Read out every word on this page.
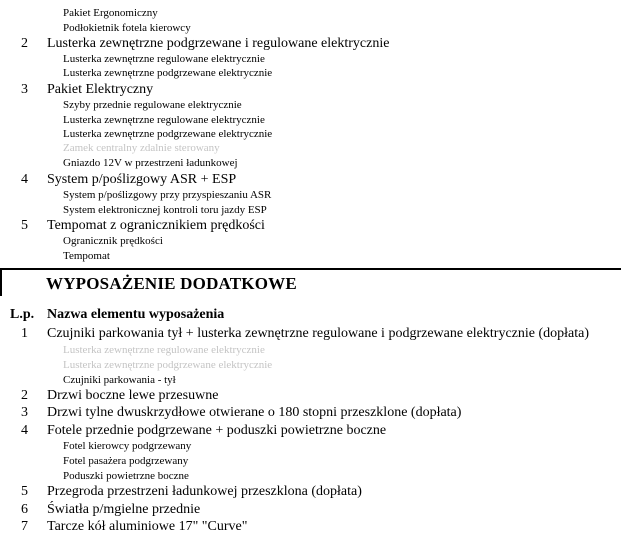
Pakiet Ergonomiczny
Podłokietnik fotela kierowcy
2 Lusterka zewnętrzne podgrzewane i regulowane elektrycznie
Lusterka zewnętrzne regulowane elektrycznie
Lusterka zewnętrzne podgrzewane elektrycznie
3 Pakiet Elektryczny
Szyby przednie regulowane elektrycznie
Lusterka zewnętrzne regulowane elektrycznie
Lusterka zewnętrzne podgrzewane elektrycznie
Zamek centralny zdalnie sterowany
Gniazdo 12V w przestrzeni ładunkowej
4 System p/poślizgowy ASR + ESP
System p/poślizgowy przy przyspieszaniu ASR
System elektronicznej kontroli toru jazdy ESP
5 Tempomat z ogranicznikiem prędkości
Ogranicznik prędkości
Tempomat
WYPOSAŻENIE DODATKOWE
L.p. Nazwa elementu wyposażenia
1 Czujniki parkowania tył + lusterka zewnętrzne regulowane i podgrzewane elektrycznie (dopłata)
Lusterka zewnętrzne regulowane elektrycznie
Lusterka zewnętrzne podgrzewane elektrycznie
Czujniki parkowania - tył
2 Drzwi boczne lewe przesuwne
3 Drzwi tylne dwuskrzydłowe otwierane o 180 stopni przeszklone (dopłata)
4 Fotele przednie podgrzewane + poduszki powietrzne boczne
Fotel kierowcy podgrzewany
Fotel pasażera podgrzewany
Poduszki powietrzne boczne
5 Przegroda przestrzeni ładunkowej przeszklona (dopłata)
6 Światła p/mgielne przednie
7 Tarcze kół aluminiowe 17" "Curve"
